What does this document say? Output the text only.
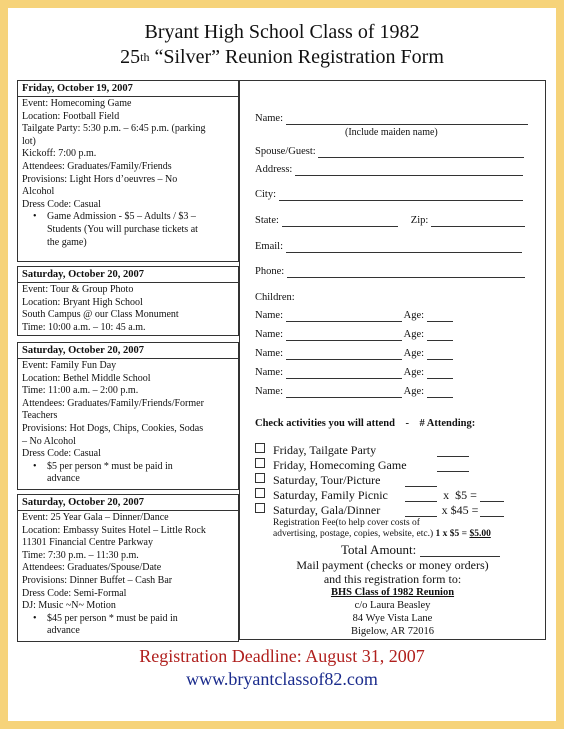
Bryant High School Class of 1982
25th “Silver” Reunion Registration Form
Friday, October 19, 2007
Event: Homecoming Game
Location: Football Field
Tailgate Party: 5:30 p.m. – 6:45 p.m. (parking
lot)
Kickoff: 7:00 p.m.
Attendees: Graduates/Family/Friends
Provisions: Light Hors d’oeuvres – No
Alcohol
Dress Code: Casual
•	Game Admission - $5 – Adults / $3 –
Students (You will purchase tickets at
the game)
Saturday, October 20, 2007
Event: Tour & Group Photo
Location: Bryant High School
South Campus @ our Class Monument
Time: 10:00 a.m. – 10: 45 a.m.
Saturday, October 20, 2007
Event: Family Fun Day
Location: Bethel Middle School
Time: 11:00 a.m. – 2:00 p.m.
Attendees: Graduates/Family/Friends/Former
Teachers
Provisions: Hot Dogs, Chips, Cookies, Sodas
– No Alcohol
Dress Code: Casual
•	$5 per person * must be paid in
advance
Saturday, October 20, 2007
Event: 25 Year Gala – Dinner/Dance
Location: Embassy Suites Hotel – Little Rock
11301 Financial Centre Parkway
Time: 7:30 p.m. – 11:30 p.m.
Attendees: Graduates/Spouse/Date
Provisions: Dinner Buffet – Cash Bar
Dress Code: Semi-Formal
DJ: Music ~N~ Motion
•	$45 per person * must be paid in
advance
Name:
(Include maiden name)
Spouse/Guest:
Address:
City:
State:	Zip:
Email:
Phone:
Children:
Name:	Age:
Name:	Age:
Name:	Age:
Name:	Age:
Name:	Age:
Check activities you will attend    -    # Attending:
Friday, Tailgate Party
Friday, Homecoming Game
Saturday, Tour/Picture
Saturday, Family Picnic	x  $5 =
Saturday, Gala/Dinner	x $45 =
Registration Fee(to help cover costs of
advertising, postage, copies, website, etc.) 1 x $5 = $5.00
Total Amount:
Mail payment (checks or money orders)
and this registration form to:
BHS Class of 1982 Reunion
c/o Laura Beasley
84 Wye Vista Lane
Bigelow, AR 72016
Registration Deadline: August 31, 2007
www.bryantclassof82.com
